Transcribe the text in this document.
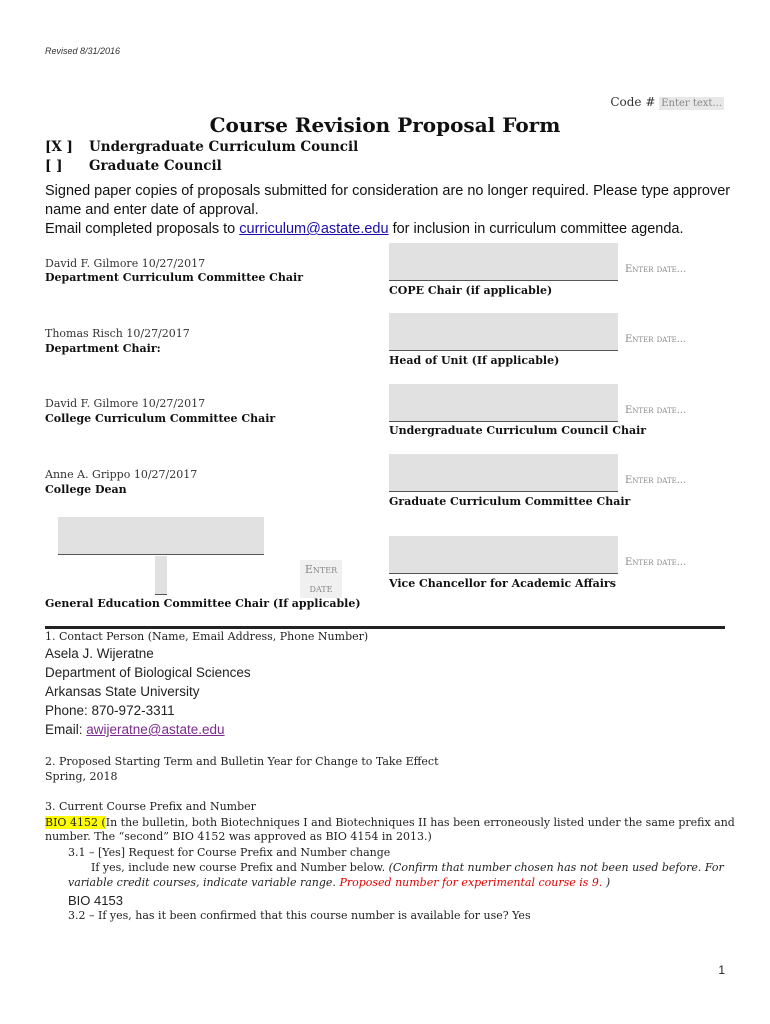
Revised 8/31/2016
Code # Enter text...
Course Revision Proposal Form
[X ] Undergraduate Curriculum Council
[ ] Graduate Council
Signed paper copies of proposals submitted for consideration are no longer required. Please type approver name and enter date of approval.
Email completed proposals to curriculum@astate.edu for inclusion in curriculum committee agenda.
David F. Gilmore 10/27/2017
Department Curriculum Committee Chair
Thomas Risch 10/27/2017
Department Chair:
David F. Gilmore 10/27/2017
College Curriculum Committee Chair
Anne A. Grippo 10/27/2017
College Dean
Enter date...
COPE Chair (if applicable)
Enter date...
Head of Unit (If applicable)
Enter date...
Undergraduate Curriculum Council Chair
Enter date...
Graduate Curriculum Committee Chair
Enter date...
Vice Chancellor for Academic Affairs
Enter date
General Education Committee Chair (If applicable)
1. Contact Person (Name, Email Address, Phone Number)
Asela J. Wijeratne
Department of Biological Sciences
Arkansas State University
Phone: 870-972-3311
Email: awijeratne@astate.edu
2. Proposed Starting Term and Bulletin Year for Change to Take Effect
Spring, 2018
3. Current Course Prefix and Number
BIO 4152 (In the bulletin, both Biotechniques I and Biotechniques II has been erroneously listed under the same prefix and
number. The “second” BIO 4152 was approved as BIO 4154 in 2013.)
3.1 – [Yes] Request for Course Prefix and Number change
If yes, include new course Prefix and Number below. (Confirm that number chosen has not been used before. For
variable credit courses, indicate variable range. Proposed number for experimental course is 9. )
BIO 4153
3.2 – If yes, has it been confirmed that this course number is available for use? Yes
1
